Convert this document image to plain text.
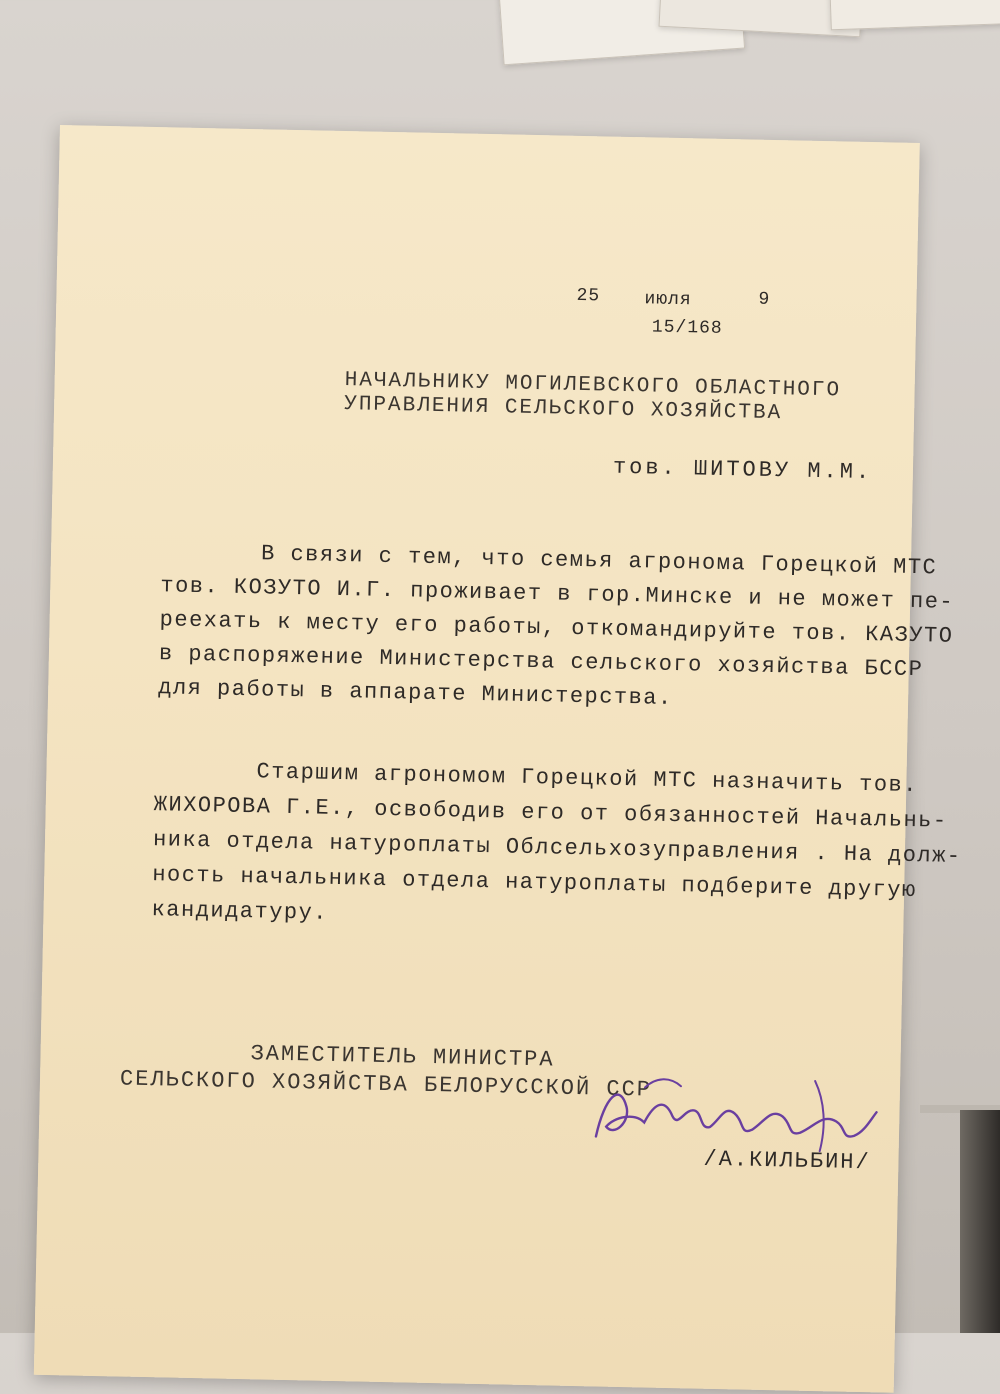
25 июля	9
15/168
НАЧАЛЬНИКУ МОГИЛЕВСКОГО ОБЛАСТНОГО
УПРАВЛЕНИЯ СЕЛЬСКОГО ХОЗЯЙСТВА
тов. ШИТОВУ М.М.
В связи с тем, что семья агронома Горецкой МТС
тов. КОЗУТО И.Г. проживает в гор.Минске и не может пе-
реехать к месту его работы, откомандируйте тов. КАЗУТО
в распоряжение Министерства сельского хозяйства БССР
для работы в аппарате Министерства.
Старшим агрономом Горецкой МТС назначить тов.
ЖИХОРОВА Г.Е., освободив его от обязанностей Начальнь-
ника отдела натуроплаты Облсельхозуправления . На долж-
ность начальника отдела натуроплаты подберите другую
кандидатуру.
ЗАМЕСТИТЕЛЬ МИНИСТРА
СЕЛЬСКОГО ХОЗЯЙСТВА БЕЛОРУССКОЙ ССР
/А.КИЛЬБИН/
